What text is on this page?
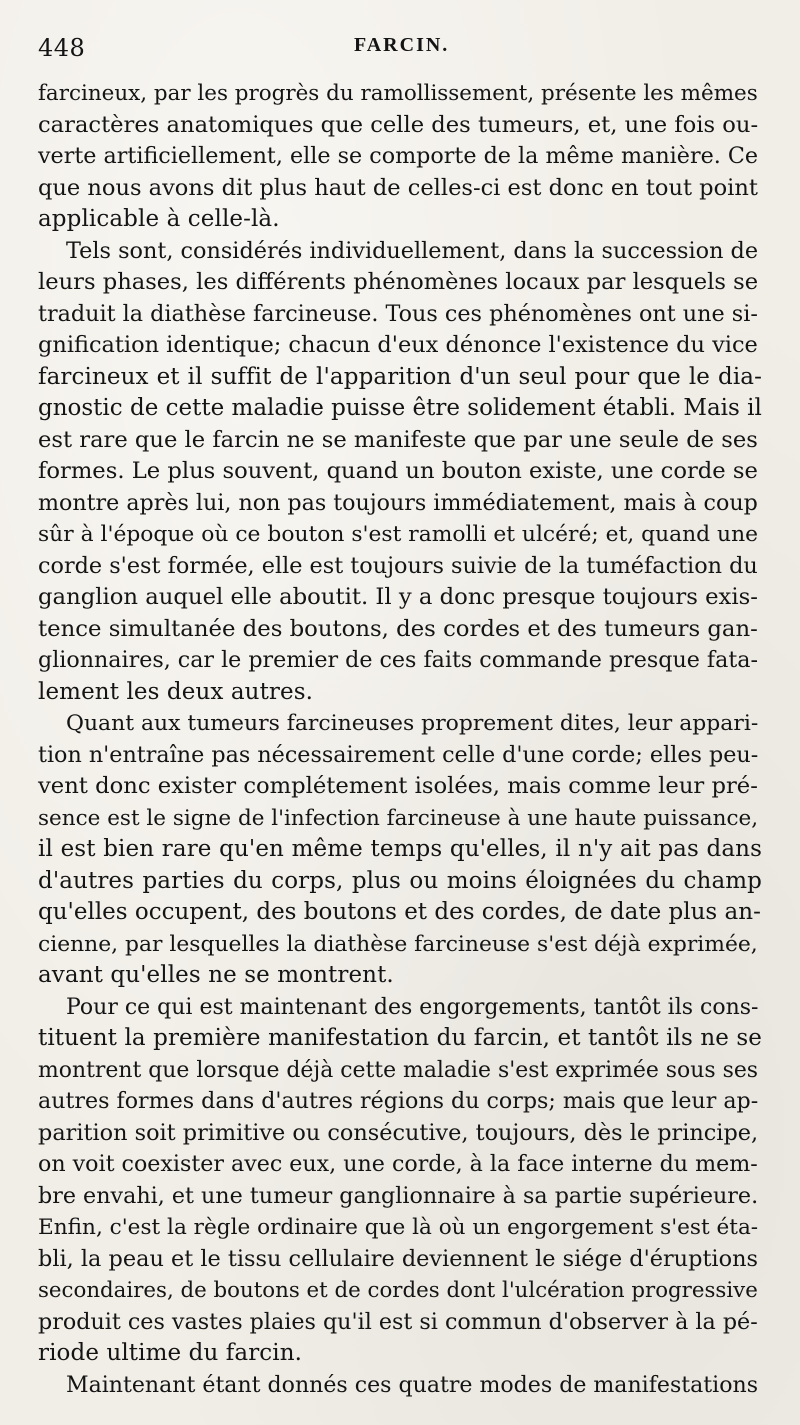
448	FARCIN.
farcineux, par les progrès du ramollissement, présente les mêmes
caractères anatomiques que celle des tumeurs, et, une fois ou-
verte artificiellement, elle se comporte de la même manière. Ce
que nous avons dit plus haut de celles-ci est donc en tout point
applicable à celle-là.
Tels sont, considérés individuellement, dans la succession de
leurs phases, les différents phénomènes locaux par lesquels se
traduit la diathèse farcineuse. Tous ces phénomènes ont une si-
gnification identique; chacun d'eux dénonce l'existence du vice
farcineux et il suffit de l'apparition d'un seul pour que le dia-
gnostic de cette maladie puisse être solidement établi. Mais il
est rare que le farcin ne se manifeste que par une seule de ses
formes. Le plus souvent, quand un bouton existe, une corde se
montre après lui, non pas toujours immédiatement, mais à coup
sûr à l'époque où ce bouton s'est ramolli et ulcéré; et, quand une
corde s'est formée, elle est toujours suivie de la tuméfaction du
ganglion auquel elle aboutit. Il y a donc presque toujours exis-
tence simultanée des boutons, des cordes et des tumeurs gan-
glionnaires, car le premier de ces faits commande presque fata-
lement les deux autres.
Quant aux tumeurs farcineuses proprement dites, leur appari-
tion n'entraîne pas nécessairement celle d'une corde; elles peu-
vent donc exister complétement isolées, mais comme leur pré-
sence est le signe de l'infection farcineuse à une haute puissance,
il est bien rare qu'en même temps qu'elles, il n'y ait pas dans
d'autres parties du corps, plus ou moins éloignées du champ
qu'elles occupent, des boutons et des cordes, de date plus an-
cienne, par lesquelles la diathèse farcineuse s'est déjà exprimée,
avant qu'elles ne se montrent.
Pour ce qui est maintenant des engorgements, tantôt ils cons-
tituent la première manifestation du farcin, et tantôt ils ne se
montrent que lorsque déjà cette maladie s'est exprimée sous ses
autres formes dans d'autres régions du corps; mais que leur ap-
parition soit primitive ou consécutive, toujours, dès le principe,
on voit coexister avec eux, une corde, à la face interne du mem-
bre envahi, et une tumeur ganglionnaire à sa partie supérieure.
Enfin, c'est la règle ordinaire que là où un engorgement s'est éta-
bli, la peau et le tissu cellulaire deviennent le siége d'éruptions
secondaires, de boutons et de cordes dont l'ulcération progressive
produit ces vastes plaies qu'il est si commun d'observer à la pé-
riode ultime du farcin.
Maintenant étant donnés ces quatre modes de manifestations
